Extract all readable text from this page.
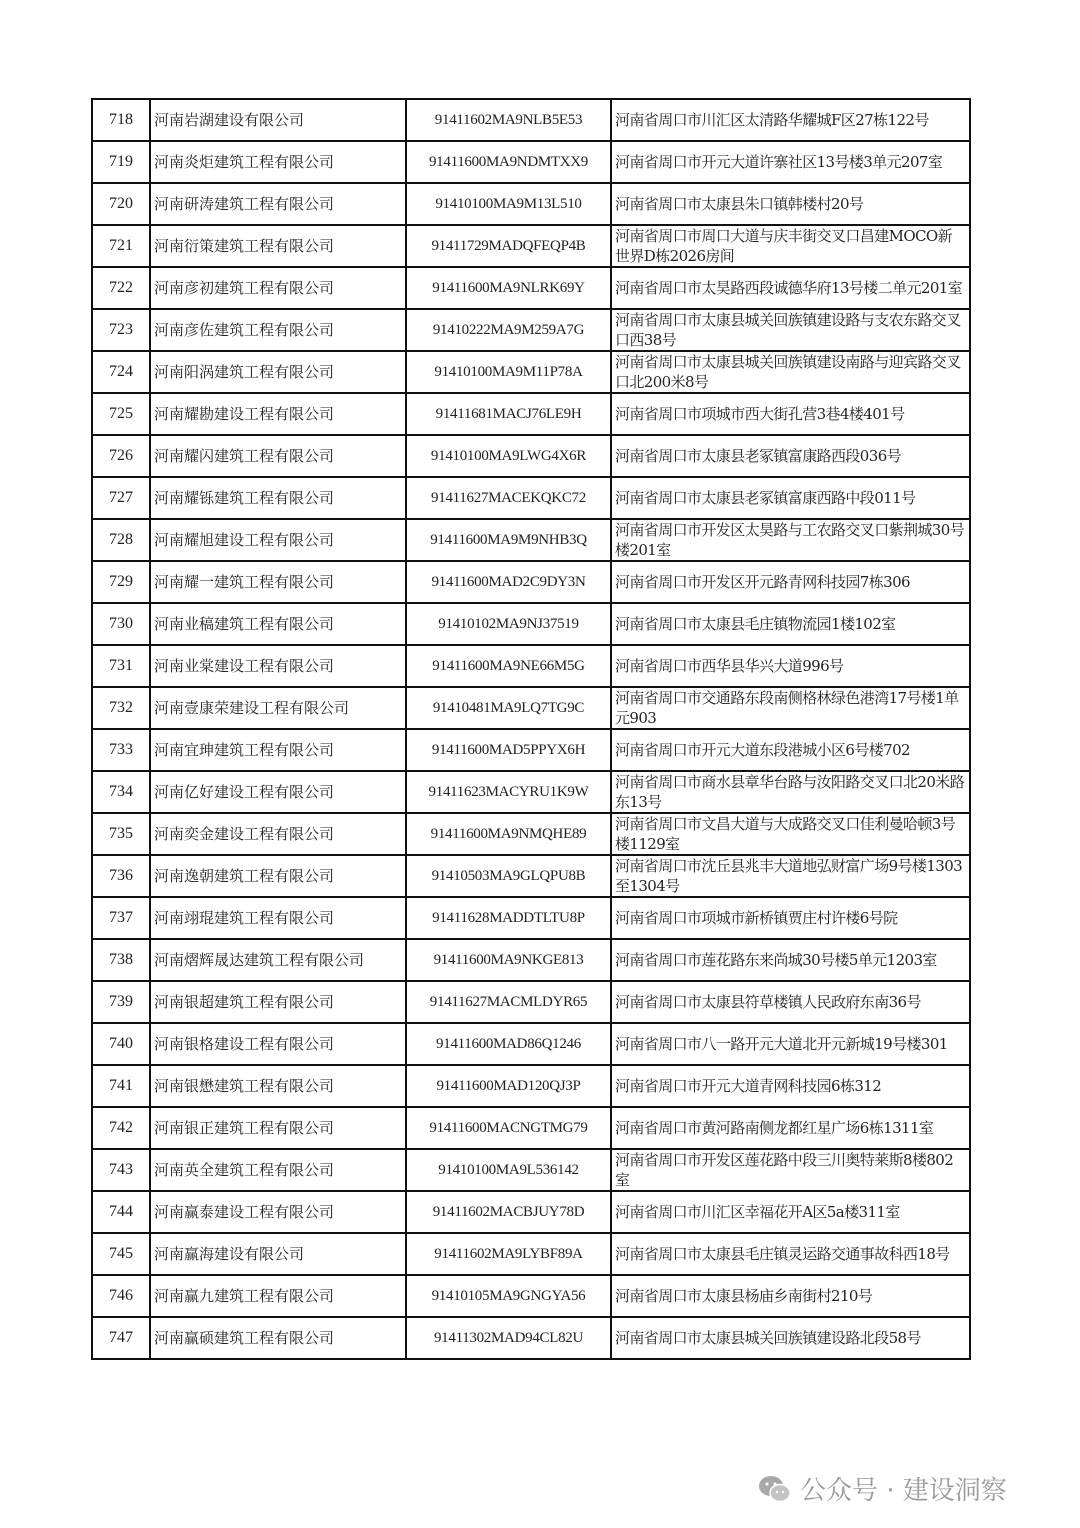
718	河南岩湖建设有限公司	91411602MA9NLB5E53	河南省周口市川汇区太清路华耀城F区27栋122号
719	河南炎炬建筑工程有限公司	91411600MA9NDMTXX9	河南省周口市开元大道许寨社区13号楼3单元207室
720	河南研涛建筑工程有限公司	91410100MA9M13L510	河南省周口市太康县朱口镇韩楼村20号
721	河南衍策建筑工程有限公司	91411729MADQFEQP4B	河南省周口市周口大道与庆丰街交叉口昌建MOCO新世界D栋2026房间
722	河南彦初建筑工程有限公司	91411600MA9NLRK69Y	河南省周口市太昊路西段诚德华府13号楼二单元201室
723	河南彦佐建筑工程有限公司	91410222MA9M259A7G	河南省周口市太康县城关回族镇建设路与支农东路交叉口西38号
724	河南阳涡建筑工程有限公司	91410100MA9M11P78A	河南省周口市太康县城关回族镇建设南路与迎宾路交叉口北200米8号
725	河南耀勘建设工程有限公司	91411681MACJ76LE9H	河南省周口市项城市西大街孔营3巷4楼401号
726	河南耀闪建筑工程有限公司	91410100MA9LWG4X6R	河南省周口市太康县老冢镇富康路西段036号
727	河南耀铄建筑工程有限公司	91411627MACEKQKC72	河南省周口市太康县老冢镇富康西路中段011号
728	河南耀旭建设工程有限公司	91411600MA9M9NHB3Q	河南省周口市开发区太昊路与工农路交叉口紫荆城30号楼201室
729	河南耀一建筑工程有限公司	91411600MAD2C9DY3N	河南省周口市开发区开元路青网科技园7栋306
730	河南业稿建筑工程有限公司	91410102MA9NJ37519	河南省周口市太康县毛庄镇物流园1楼102室
731	河南业棠建设工程有限公司	91411600MA9NE66M5G	河南省周口市西华县华兴大道996号
732	河南壹康荣建设工程有限公司	91410481MA9LQ7TG9C	河南省周口市交通路东段南侧格林绿色港湾17号楼1单元903
733	河南宜珅建筑工程有限公司	91411600MAD5PPYX6H	河南省周口市开元大道东段港城小区6号楼702
734	河南亿好建设工程有限公司	91411623MACYRU1K9W	河南省周口市商水县章华台路与汝阳路交叉口北20米路东13号
735	河南奕金建设工程有限公司	91411600MA9NMQHE89	河南省周口市文昌大道与大成路交叉口佳利曼哈顿3号楼1129室
736	河南逸朝建筑工程有限公司	91410503MA9GLQPU8B	河南省周口市沈丘县兆丰大道地弘财富广场9号楼1303至1304号
737	河南翊琨建筑工程有限公司	91411628MADDTLTU8P	河南省周口市项城市新桥镇贾庄村许楼6号院
738	河南熠辉晟达建筑工程有限公司	91411600MA9NKGE813	河南省周口市莲花路东来尚城30号楼5单元1203室
739	河南银超建筑工程有限公司	91411627MACMLDYR65	河南省周口市太康县符草楼镇人民政府东南36号
740	河南银格建设工程有限公司	91411600MAD86Q1246	河南省周口市八一路开元大道北开元新城19号楼301
741	河南银懋建筑工程有限公司	91411600MAD120QJ3P	河南省周口市开元大道青网科技园6栋312
742	河南银正建筑工程有限公司	91411600MACNGTMG79	河南省周口市黄河路南侧龙都红星广场6栋1311室
743	河南英全建筑工程有限公司	91410100MA9L536142	河南省周口市开发区莲花路中段三川奥特莱斯8楼802室
744	河南赢泰建设工程有限公司	91411602MACBJUY78D	河南省周口市川汇区幸福花开A区5a楼311室
745	河南赢海建设有限公司	91411602MA9LYBF89A	河南省周口市太康县毛庄镇灵运路交通事故科西18号
746	河南赢九建筑工程有限公司	91410105MA9GNGYA56	河南省周口市太康县杨庙乡南街村210号
747	河南赢硕建筑工程有限公司	91411302MAD94CL82U	河南省周口市太康县城关回族镇建设路北段58号
公众号 · 建设洞察
